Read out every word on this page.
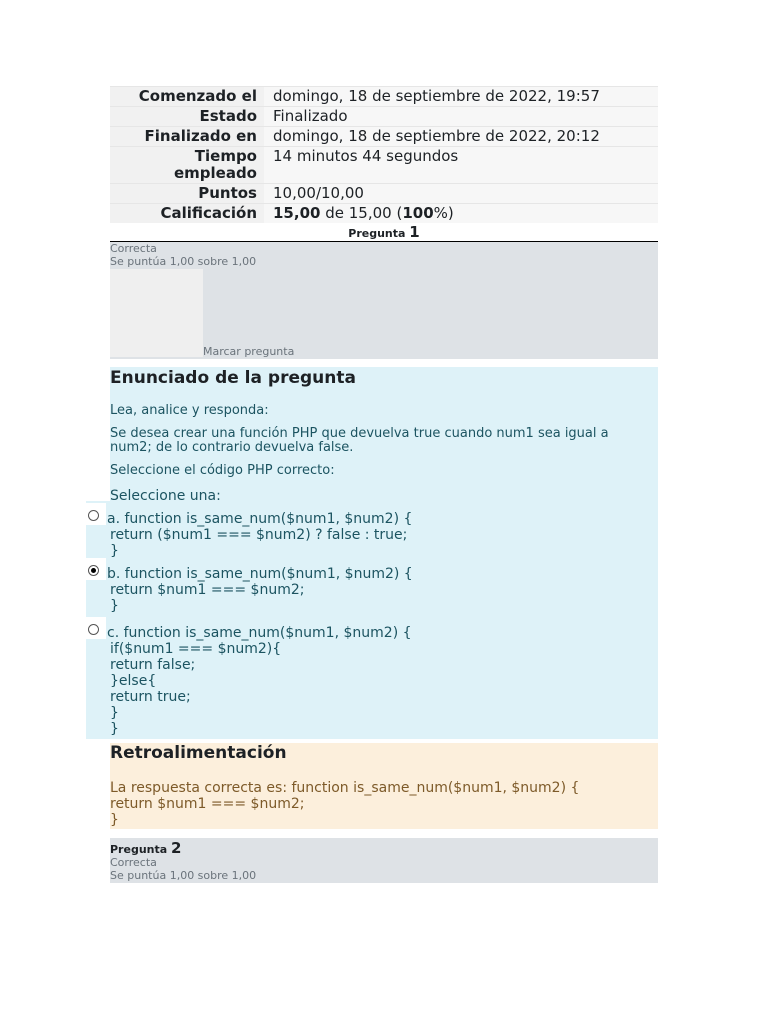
Comenzado el	domingo, 18 de septiembre de 2022, 19:57
Estado	Finalizado
Finalizado en	domingo, 18 de septiembre de 2022, 20:12
Tiempo empleado	14 minutos 44 segundos
Puntos	10,00/10,00
Calificación	15,00 de 15,00 (100%)
Pregunta 1
Correcta
Se puntúa 1,00 sobre 1,00
Marcar pregunta
Enunciado de la pregunta
Lea, analice y responda:
Se desea crear una función PHP que devuelva true cuando num1 sea igual a
num2; de lo contrario devuelva false.
Seleccione el código PHP correcto:
Seleccione una:
a. function is_same_num($num1, $num2) {
return ($num1 === $num2) ? false : true;
}
b. function is_same_num($num1, $num2) {
return $num1 === $num2;
}
c. function is_same_num($num1, $num2) {
if($num1 === $num2){
return false;
}else{
return true;
}
}
Retroalimentación
La respuesta correcta es: function is_same_num($num1, $num2) {
return $num1 === $num2;
}
Pregunta 2
Correcta
Se puntúa 1,00 sobre 1,00
